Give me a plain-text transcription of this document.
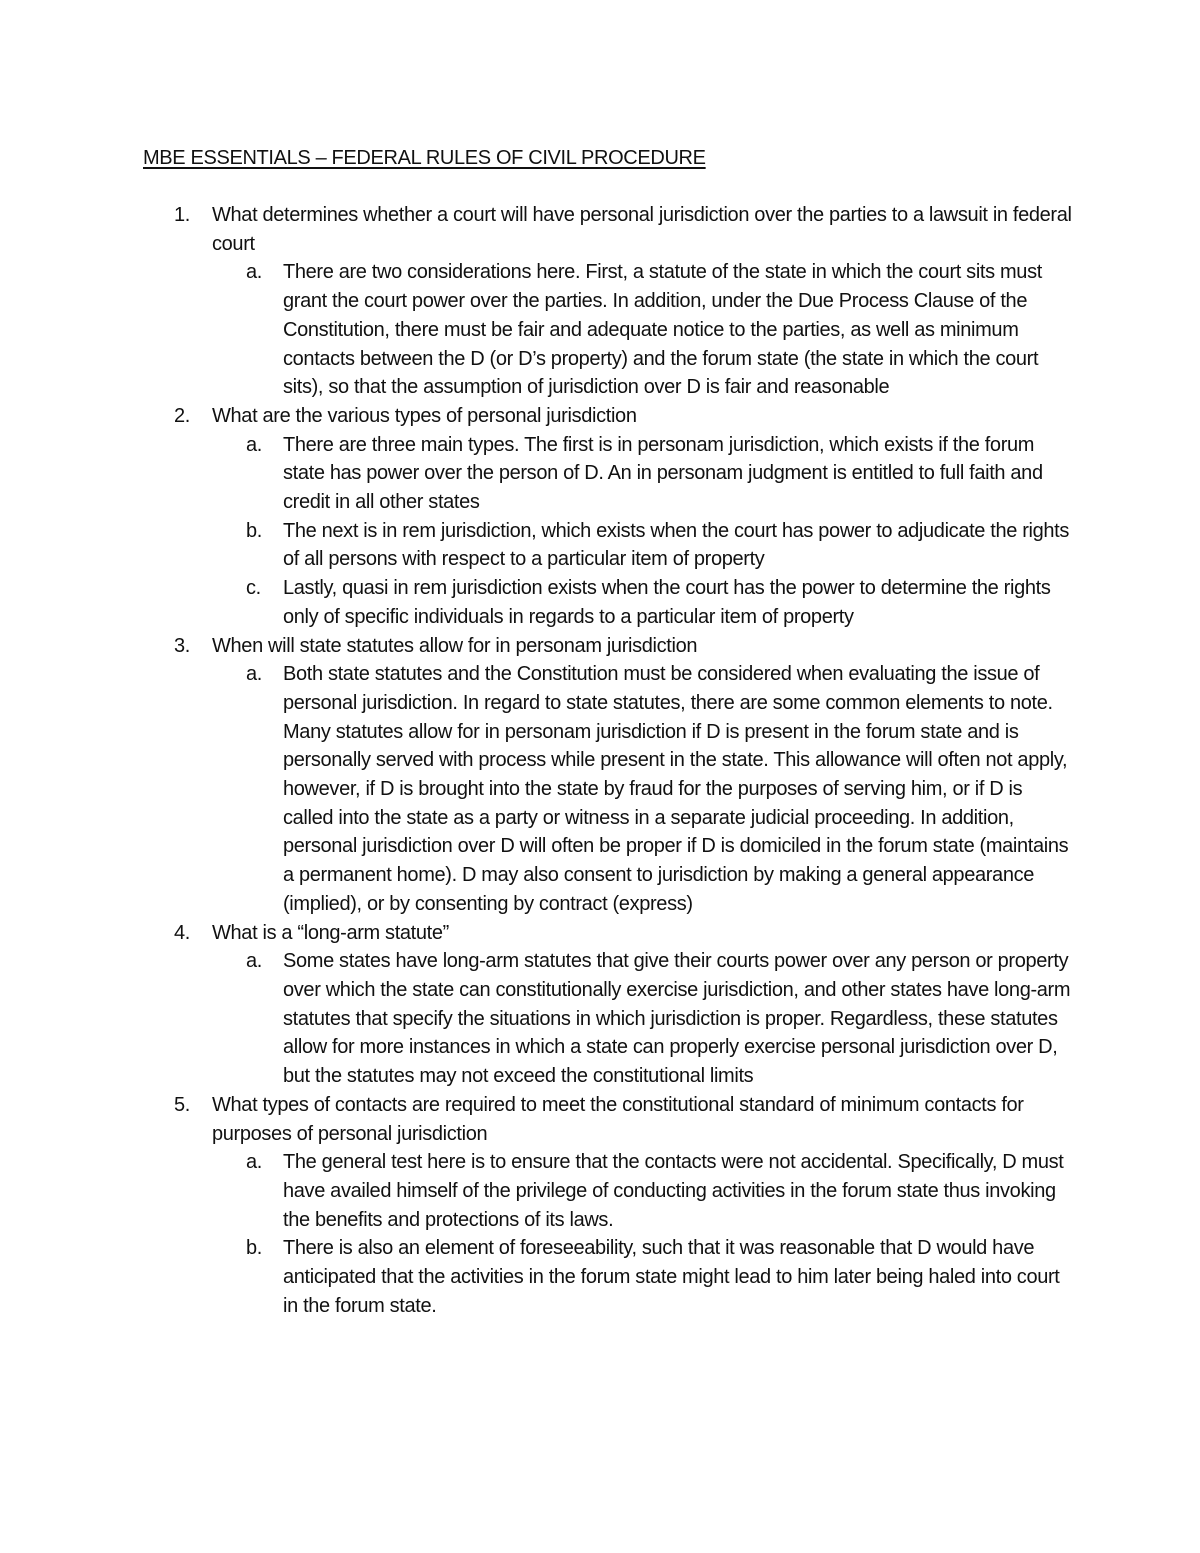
MBE ESSENTIALS – FEDERAL RULES OF CIVIL PROCEDURE
1.	What determines whether a court will have personal jurisdiction over the parties to a lawsuit in federal court
a.	There are two considerations here. First, a statute of the state in which the court sits must grant the court power over the parties. In addition, under the Due Process Clause of the Constitution, there must be fair and adequate notice to the parties, as well as minimum contacts between the D (or D’s property) and the forum state (the state in which the court sits), so that the assumption of jurisdiction over D is fair and reasonable
2.	What are the various types of personal jurisdiction
a.	There are three main types. The first is in personam jurisdiction, which exists if the forum state has power over the person of D. An in personam judgment is entitled to full faith and credit in all other states
b.	The next is in rem jurisdiction, which exists when the court has power to adjudicate the rights of all persons with respect to a particular item of property
c.	Lastly, quasi in rem jurisdiction exists when the court has the power to determine the rights only of specific individuals in regards to a particular item of property
3.	When will state statutes allow for in personam jurisdiction
a.	Both state statutes and the Constitution must be considered when evaluating the issue of personal jurisdiction. In regard to state statutes, there are some common elements to note. Many statutes allow for in personam jurisdiction if D is present in the forum state and is personally served with process while present in the state. This allowance will often not apply, however, if D is brought into the state by fraud for the purposes of serving him, or if D is called into the state as a party or witness in a separate judicial proceeding. In addition, personal jurisdiction over D will often be proper if D is domiciled in the forum state (maintains a permanent home). D may also consent to jurisdiction by making a general appearance (implied), or by consenting by contract (express)
4.	What is a “long-arm statute”
a.	Some states have long-arm statutes that give their courts power over any person or property over which the state can constitutionally exercise jurisdiction, and other states have long-arm statutes that specify the situations in which jurisdiction is proper. Regardless, these statutes allow for more instances in which a state can properly exercise personal jurisdiction over D, but the statutes may not exceed the constitutional limits
5.	What types of contacts are required to meet the constitutional standard of minimum contacts for purposes of personal jurisdiction
a.	The general test here is to ensure that the contacts were not accidental. Specifically, D must have availed himself of the privilege of conducting activities in the forum state thus invoking the benefits and protections of its laws.
b.	There is also an element of foreseeability, such that it was reasonable that D would have anticipated that the activities in the forum state might lead to him later being haled into court in the forum state.
